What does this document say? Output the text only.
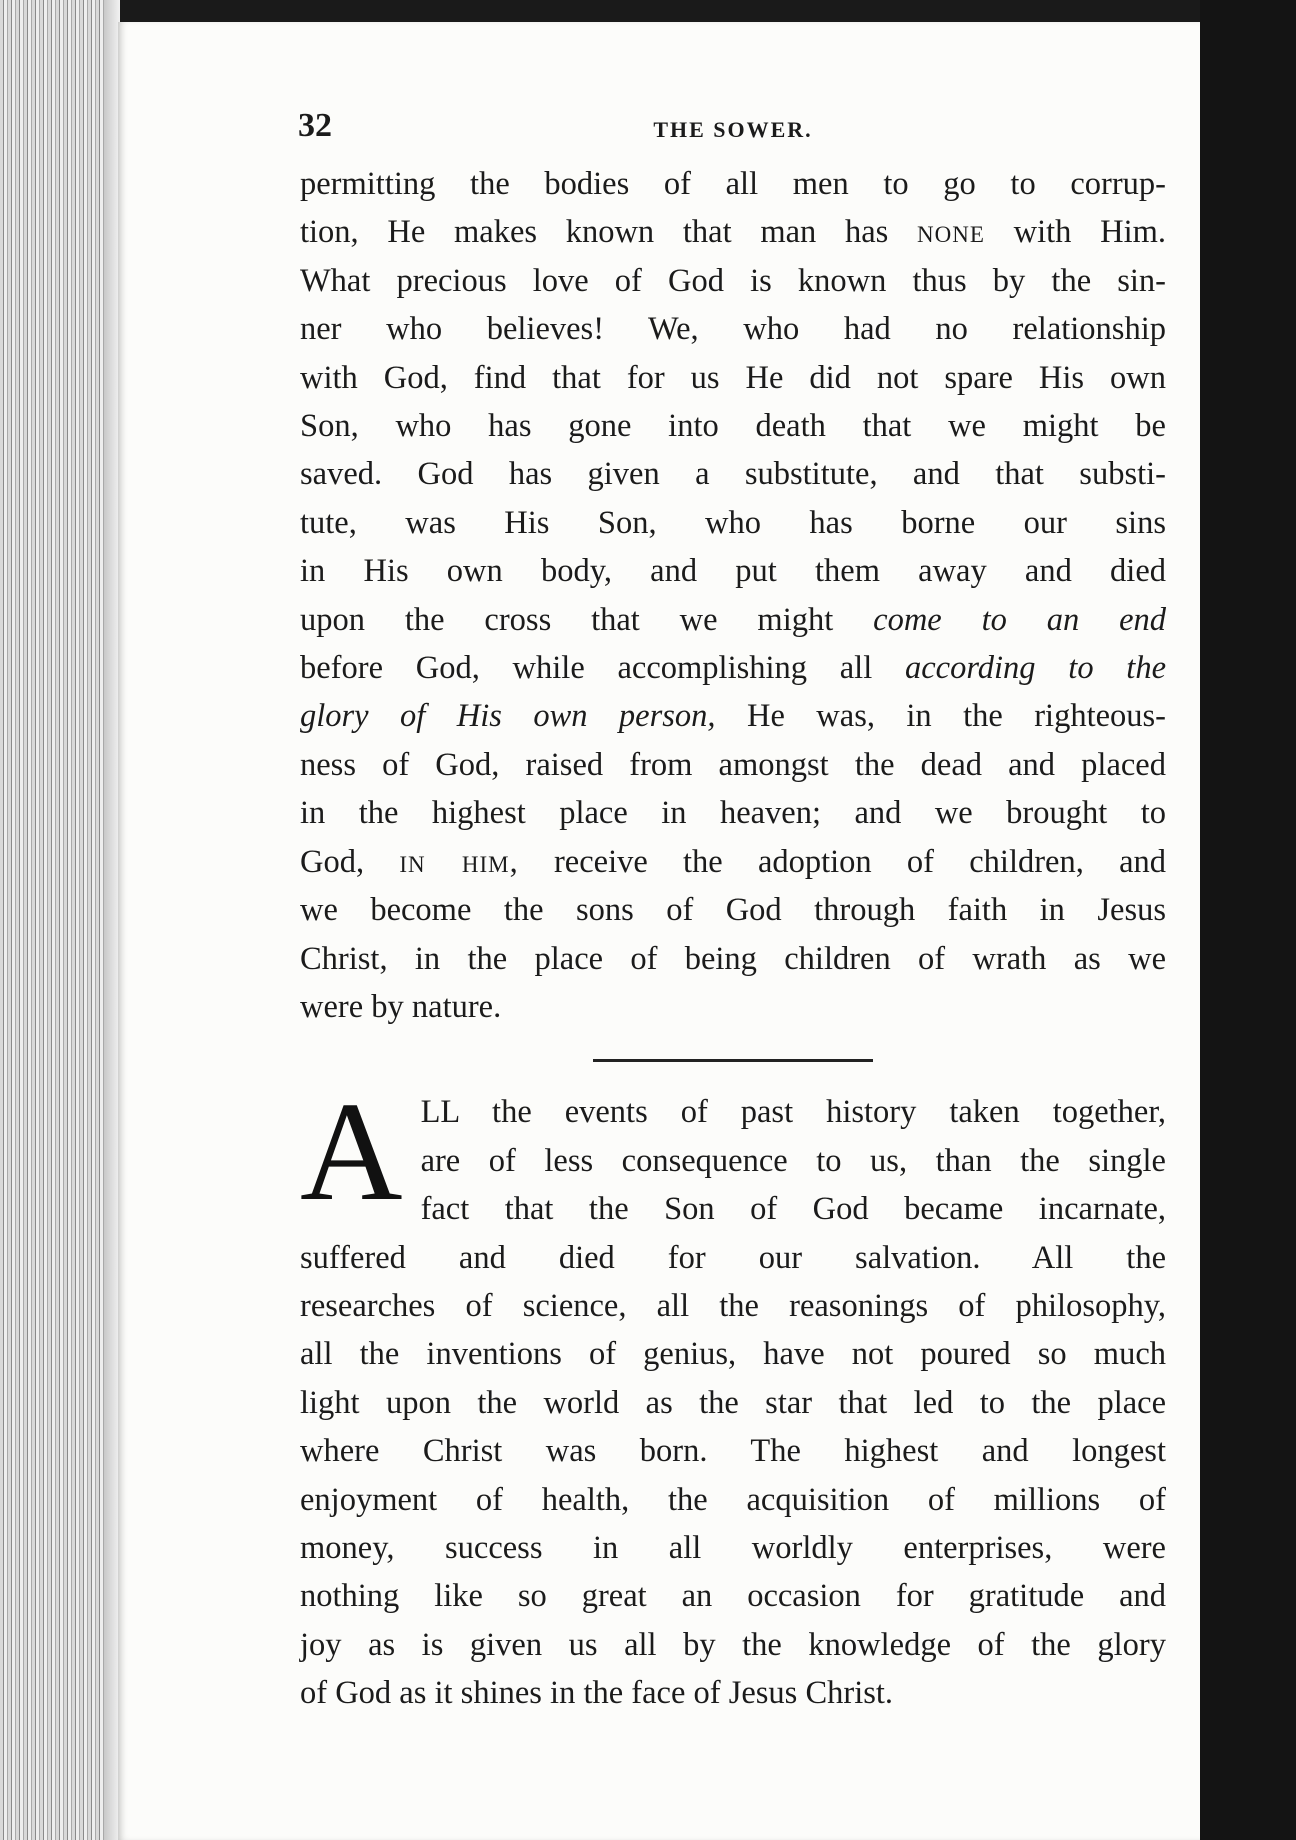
32	THE SOWER.
permitting the bodies of all men to go to corrup-
tion, He makes known that man has none with Him.
What precious love of God is known thus by the sin-
ner who believes! We, who had no relationship
with God, find that for us He did not spare His own
Son, who has gone into death that we might be
saved. God has given a substitute, and that substi-
tute, was His Son, who has borne our sins
in His own body, and put them away and died
upon the cross that we might come to an end
before God, while accomplishing all according to the
glory of His own person, He was, in the righteous-
ness of God, raised from amongst the dead and placed
in the highest place in heaven; and we brought to
God, in him, receive the adoption of children, and
we become the sons of God through faith in Jesus
Christ, in the place of being children of wrath as we
were by nature.
A LL the events of past history taken together,
are of less consequence to us, than the single
fact that the Son of God became incarnate,
suffered and died for our salvation. All the
researches of science, all the reasonings of philosophy,
all the inventions of genius, have not poured so much
light upon the world as the star that led to the place
where Christ was born. The highest and longest
enjoyment of health, the acquisition of millions of
money, success in all worldly enterprises, were
nothing like so great an occasion for gratitude and
joy as is given us all by the knowledge of the glory
of God as it shines in the face of Jesus Christ.
